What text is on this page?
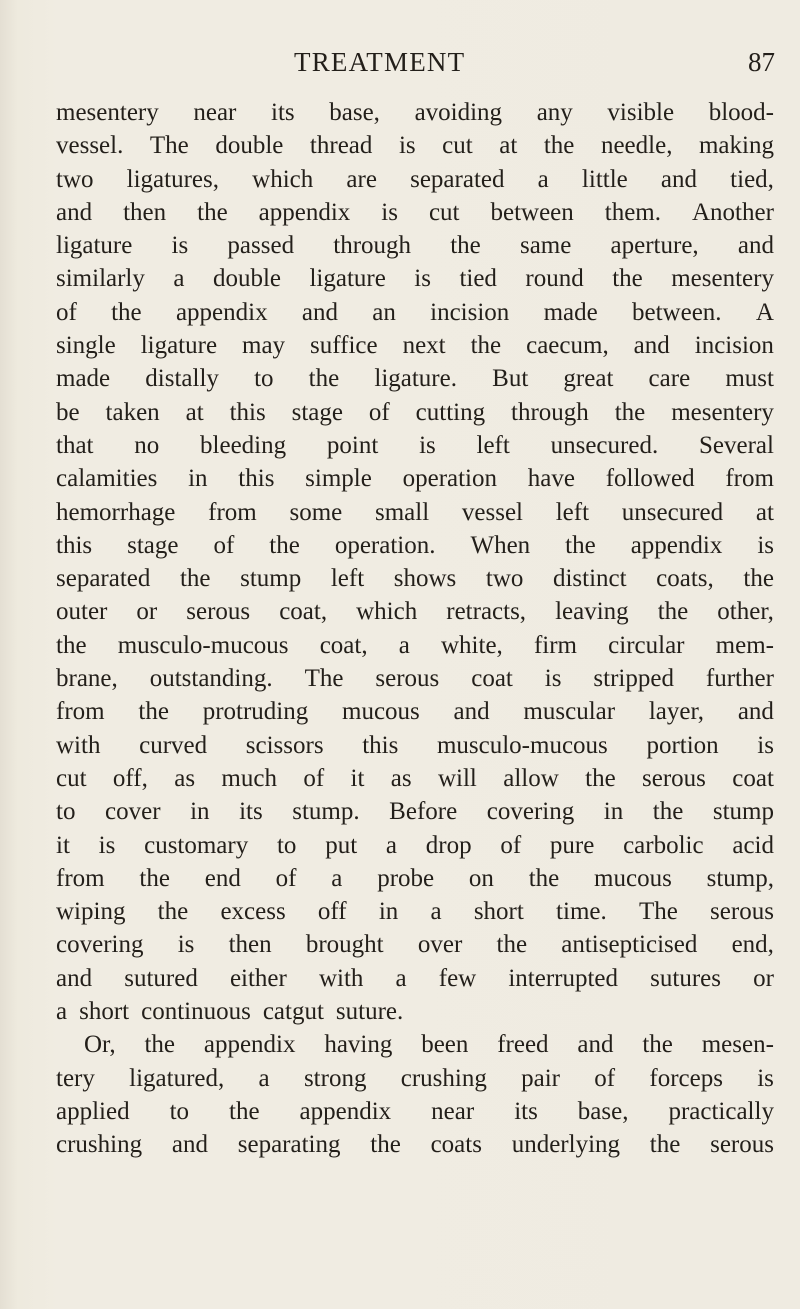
TREATMENT	87
mesentery near its base, avoiding any visible blood-
vessel. The double thread is cut at the needle, making
two ligatures, which are separated a little and tied,
and then the appendix is cut between them. Another
ligature is passed through the same aperture, and
similarly a double ligature is tied round the mesentery
of the appendix and an incision made between. A
single ligature may suffice next the caecum, and incision
made distally to the ligature. But great care must
be taken at this stage of cutting through the mesentery
that no bleeding point is left unsecured. Several
calamities in this simple operation have followed from
hemorrhage from some small vessel left unsecured at
this stage of the operation. When the appendix is
separated the stump left shows two distinct coats, the
outer or serous coat, which retracts, leaving the other,
the musculo-mucous coat, a white, firm circular mem-
brane, outstanding. The serous coat is stripped further
from the protruding mucous and muscular layer, and
with curved scissors this musculo-mucous portion is
cut off, as much of it as will allow the serous coat
to cover in its stump. Before covering in the stump
it is customary to put a drop of pure carbolic acid
from the end of a probe on the mucous stump,
wiping the excess off in a short time. The serous
covering is then brought over the antisepticised end,
and sutured either with a few interrupted sutures or
a short continuous catgut suture.
Or, the appendix having been freed and the mesen-
tery ligatured, a strong crushing pair of forceps is
applied to the appendix near its base, practically
crushing and separating the coats underlying the serous
